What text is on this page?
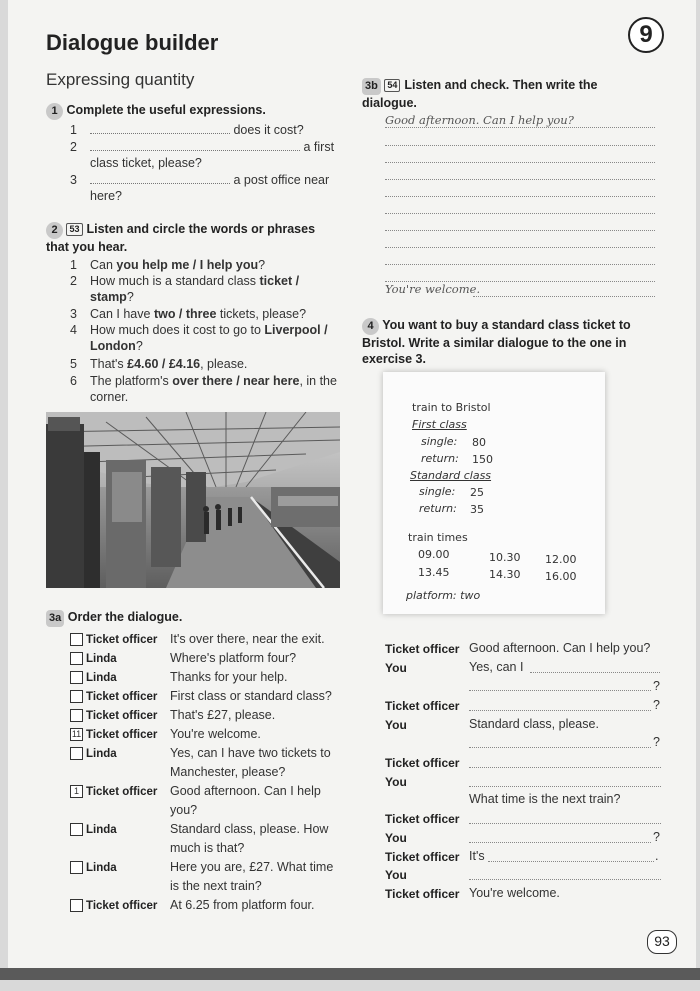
Dialogue builder	9
Expressing quantity
1 Complete the useful expressions.
1	does it cost?
2	a first
class ticket, please?
3	a post office near
here?
2 53 Listen and circle the words or phrases that you hear.
1 Can you help me / I help you?
2 How much is a standard class ticket /
stamp?
3 Can I have two / three tickets, please?
4 How much does it cost to go to Liverpool /
London?
5 That's £4.60 / £4.16, please.
6 The platform's over there / near here, in the
corner.
3a Order the dialogue.
Ticket officer It's over there, near the exit.
Linda	Where's platform four?
Linda	Thanks for your help.
Ticket officer First class or standard class?
Ticket officer That's £27, please.
11 Ticket officer You're welcome.
Linda	Yes, can I have two tickets to
Manchester, please?
1 Ticket officer Good afternoon. Can I help
you?
Linda	Standard class, please. How
much is that?
Linda	Here you are, £27. What time
is the next train?
Ticket officer At 6.25 from platform four.
3b 54 Listen and check. Then write the dialogue.
Good afternoon. Can I help you?
You're welcome.
4 You want to buy a standard class ticket to Bristol. Write a similar dialogue to the one in exercise 3.
train to Bristol
First class
single: 80
return: 150
Standard class
single: 25
return: 35
train times
09.00	10.30 12.00
13.45	14.30 16.00
platform: two
Ticket officer Good afternoon. Can I help you?
You	Yes, can I
?
Ticket officer	?
You	Standard class, please.
?
Ticket officer
You
What time is the next train?
Ticket officer
You	?
Ticket officer It's	.
You
Ticket officer You're welcome.
93
